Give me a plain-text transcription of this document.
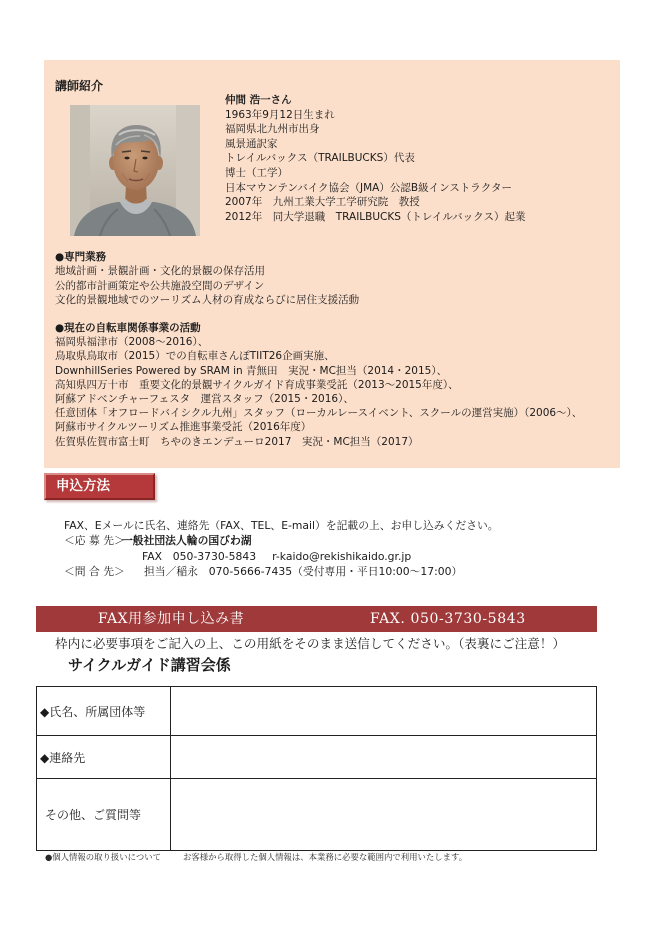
講師紹介
仲間 浩一さん
1963年9月12日生まれ
福岡県北九州市出身
風景通訳家
トレイルバックス（TRAILBUCKS）代表
博士（工学）
日本マウンテンバイク協会（JMA）公認B級インストラクター
2007年　九州工業大学工学研究院　教授
2012年　同大学退職　TRAILBUCKS（トレイルバックス）起業
●専門業務
地域計画・景観計画・文化的景観の保存活用
公的都市計画策定や公共施設空間のデザイン
文化的景観地域でのツーリズム人材の育成ならびに居住支援活動
●現在の自転車関係事業の活動
福岡県福津市（2008～2016）、
鳥取県鳥取市（2015）での自転車さんぽTIIT26企画実施、
DownhillSeries Powered by SRAM in 青無田　実況・MC担当（2014・2015）、
高知県四万十市　重要文化的景観サイクルガイド育成事業受託（2013～2015年度）、
阿蘇アドベンチャーフェスタ　運営スタッフ（2015・2016）、
任意団体「オフロードバイシクル九州」スタッフ（ローカルレースイベント、スクールの運営実施）（2006～）、
阿蘇市サイクルツーリズム推進事業受託（2016年度）
佐賀県佐賀市富士町　ちやのきエンデューロ2017　実況・MC担当（2017）
申込方法
FAX、Eメールに氏名、連絡先（FAX、TEL、E-mail）を記載の上、お申し込みください。
＜応 募 先＞一般社団法人輪の国びわ湖
FAX　050-3730-5843 r-kaido@rekishikaido.gr.jp
＜問 合 先＞ 担当／稲永　070-5666-7435（受付専用・平日10:00～17:00）
FAX用参加申し込み書	FAX. 050-3730-5843
枠内に必要事項をご記入の上、この用紙をそのまま送信してください。（表裏にご注意！）
サイクルガイド講習会係
◆氏名、所属団体等	
◆連絡先	
その他、ご質問等	
●個人情報の取り扱いについて	お客様から取得した個人情報は、本業務に必要な範囲内で利用いたします。
